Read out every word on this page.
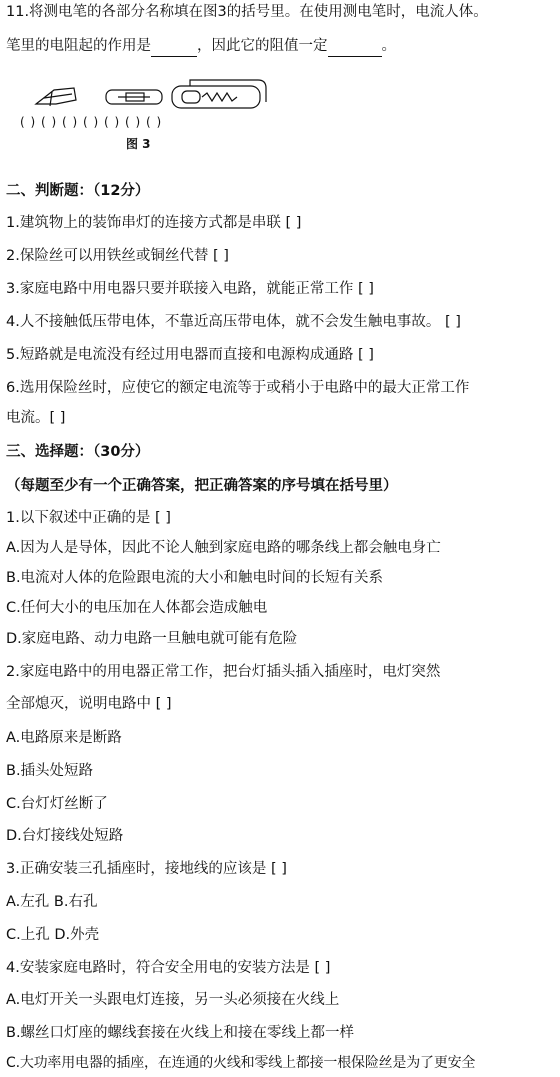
11.将测电笔的各部分名称填在图3的括号里。在使用测电笔时，电流人体。
笔里的电阻起的作用是	，因此它的阻值一定	。
( ) ( ) ( ) ( ) ( ) ( ) ( )
图 3
二、判断题：（12分）
1.建筑物上的装饰串灯的连接方式都是串联 [ ]
2.保险丝可以用铁丝或铜丝代替 [ ]
3.家庭电路中用电器只要并联接入电路，就能正常工作 [ ]
4.人不接触低压带电体，不靠近高压带电体，就不会发生触电事故。 [ ]
5.短路就是电流没有经过用电器而直接和电源构成通路 [ ]
6.选用保险丝时，应使它的额定电流等于或稍小于电路中的最大正常工作
电流。[ ]
三、选择题：（30分）
（每题至少有一个正确答案，把正确答案的序号填在括号里）
1.以下叙述中正确的是 [ ]
A.因为人是导体，因此不论人触到家庭电路的哪条线上都会触电身亡
B.电流对人体的危险跟电流的大小和触电时间的长短有关系
C.任何大小的电压加在人体都会造成触电
D.家庭电路、动力电路一旦触电就可能有危险
2.家庭电路中的用电器正常工作，把台灯插头插入插座时，电灯突然
全部熄灭，说明电路中 [ ]
A.电路原来是断路
B.插头处短路
C.台灯灯丝断了
D.台灯接线处短路
3.正确安装三孔插座时，接地线的应该是 [ ]
A.左孔 B.右孔
C.上孔 D.外壳
4.安装家庭电路时，符合安全用电的安装方法是 [ ]
A.电灯开关一头跟电灯连接，另一头必须接在火线上
B.螺丝口灯座的螺线套接在火线上和接在零线上都一样
C.大功率用电器的插座，在连通的火线和零线上都接一根保险丝是为了更安全
